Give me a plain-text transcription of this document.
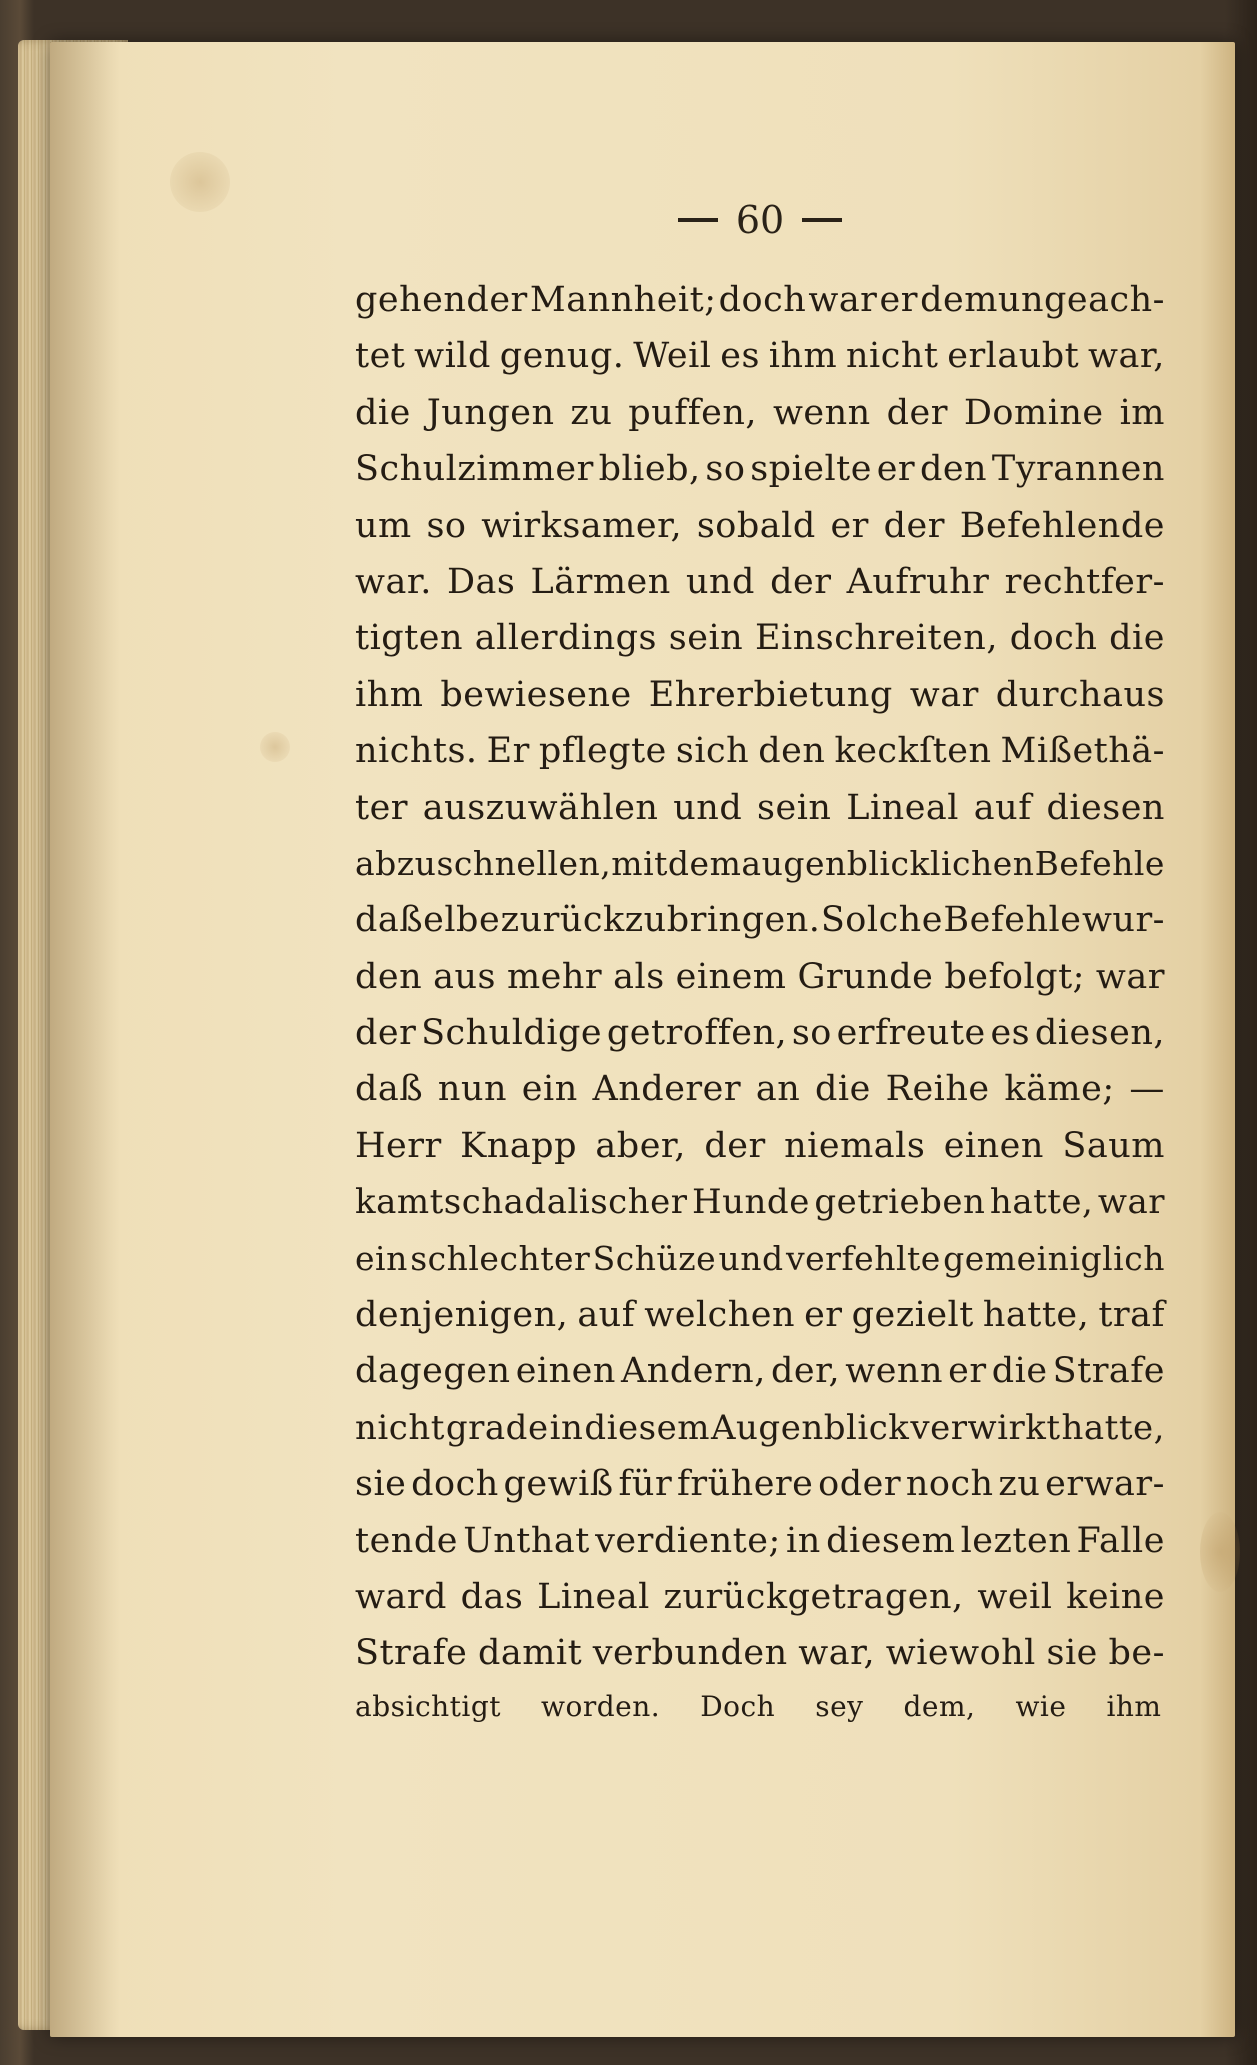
60
gehender Mannheit; doch war er demungeach-
tet wild genug. Weil es ihm nicht erlaubt war,
die Jungen zu puffen, wenn der Domine im
Schulzimmer blieb, so spielte er den Tyrannen
um so wirksamer, sobald er der Befehlende
war. Das Lärmen und der Aufruhr rechtfer-
tigten allerdings sein Einschreiten, doch die
ihm bewiesene Ehrerbietung war durchaus
nichts. Er pflegte sich den keckſten Mißethä-
ter auszuwählen und sein Lineal auf diesen
abzuschnellen, mit dem augenblicklichen Befehle
daßelbe zurückzubringen. Solche Befehle wur-
den aus mehr als einem Grunde befolgt; war
der Schuldige getroffen, so erfreute es diesen,
daß nun ein Anderer an die Reihe käme; —
Herr Knapp aber, der niemals einen Saum
kamtschadalischer Hunde getrieben hatte, war
ein schlechter Schüze und verfehlte gemeiniglich
denjenigen, auf welchen er gezielt hatte, traf
dagegen einen Andern, der, wenn er die Strafe
nicht grade in diesem Augenblick verwirkt hatte,
sie doch gewiß für frühere oder noch zu erwar-
tende Unthat verdiente; in diesem lezten Falle
ward das Lineal zurückgetragen, weil keine
Strafe damit verbunden war, wiewohl sie be-
absichtigt worden. Doch sey dem, wie ihm
